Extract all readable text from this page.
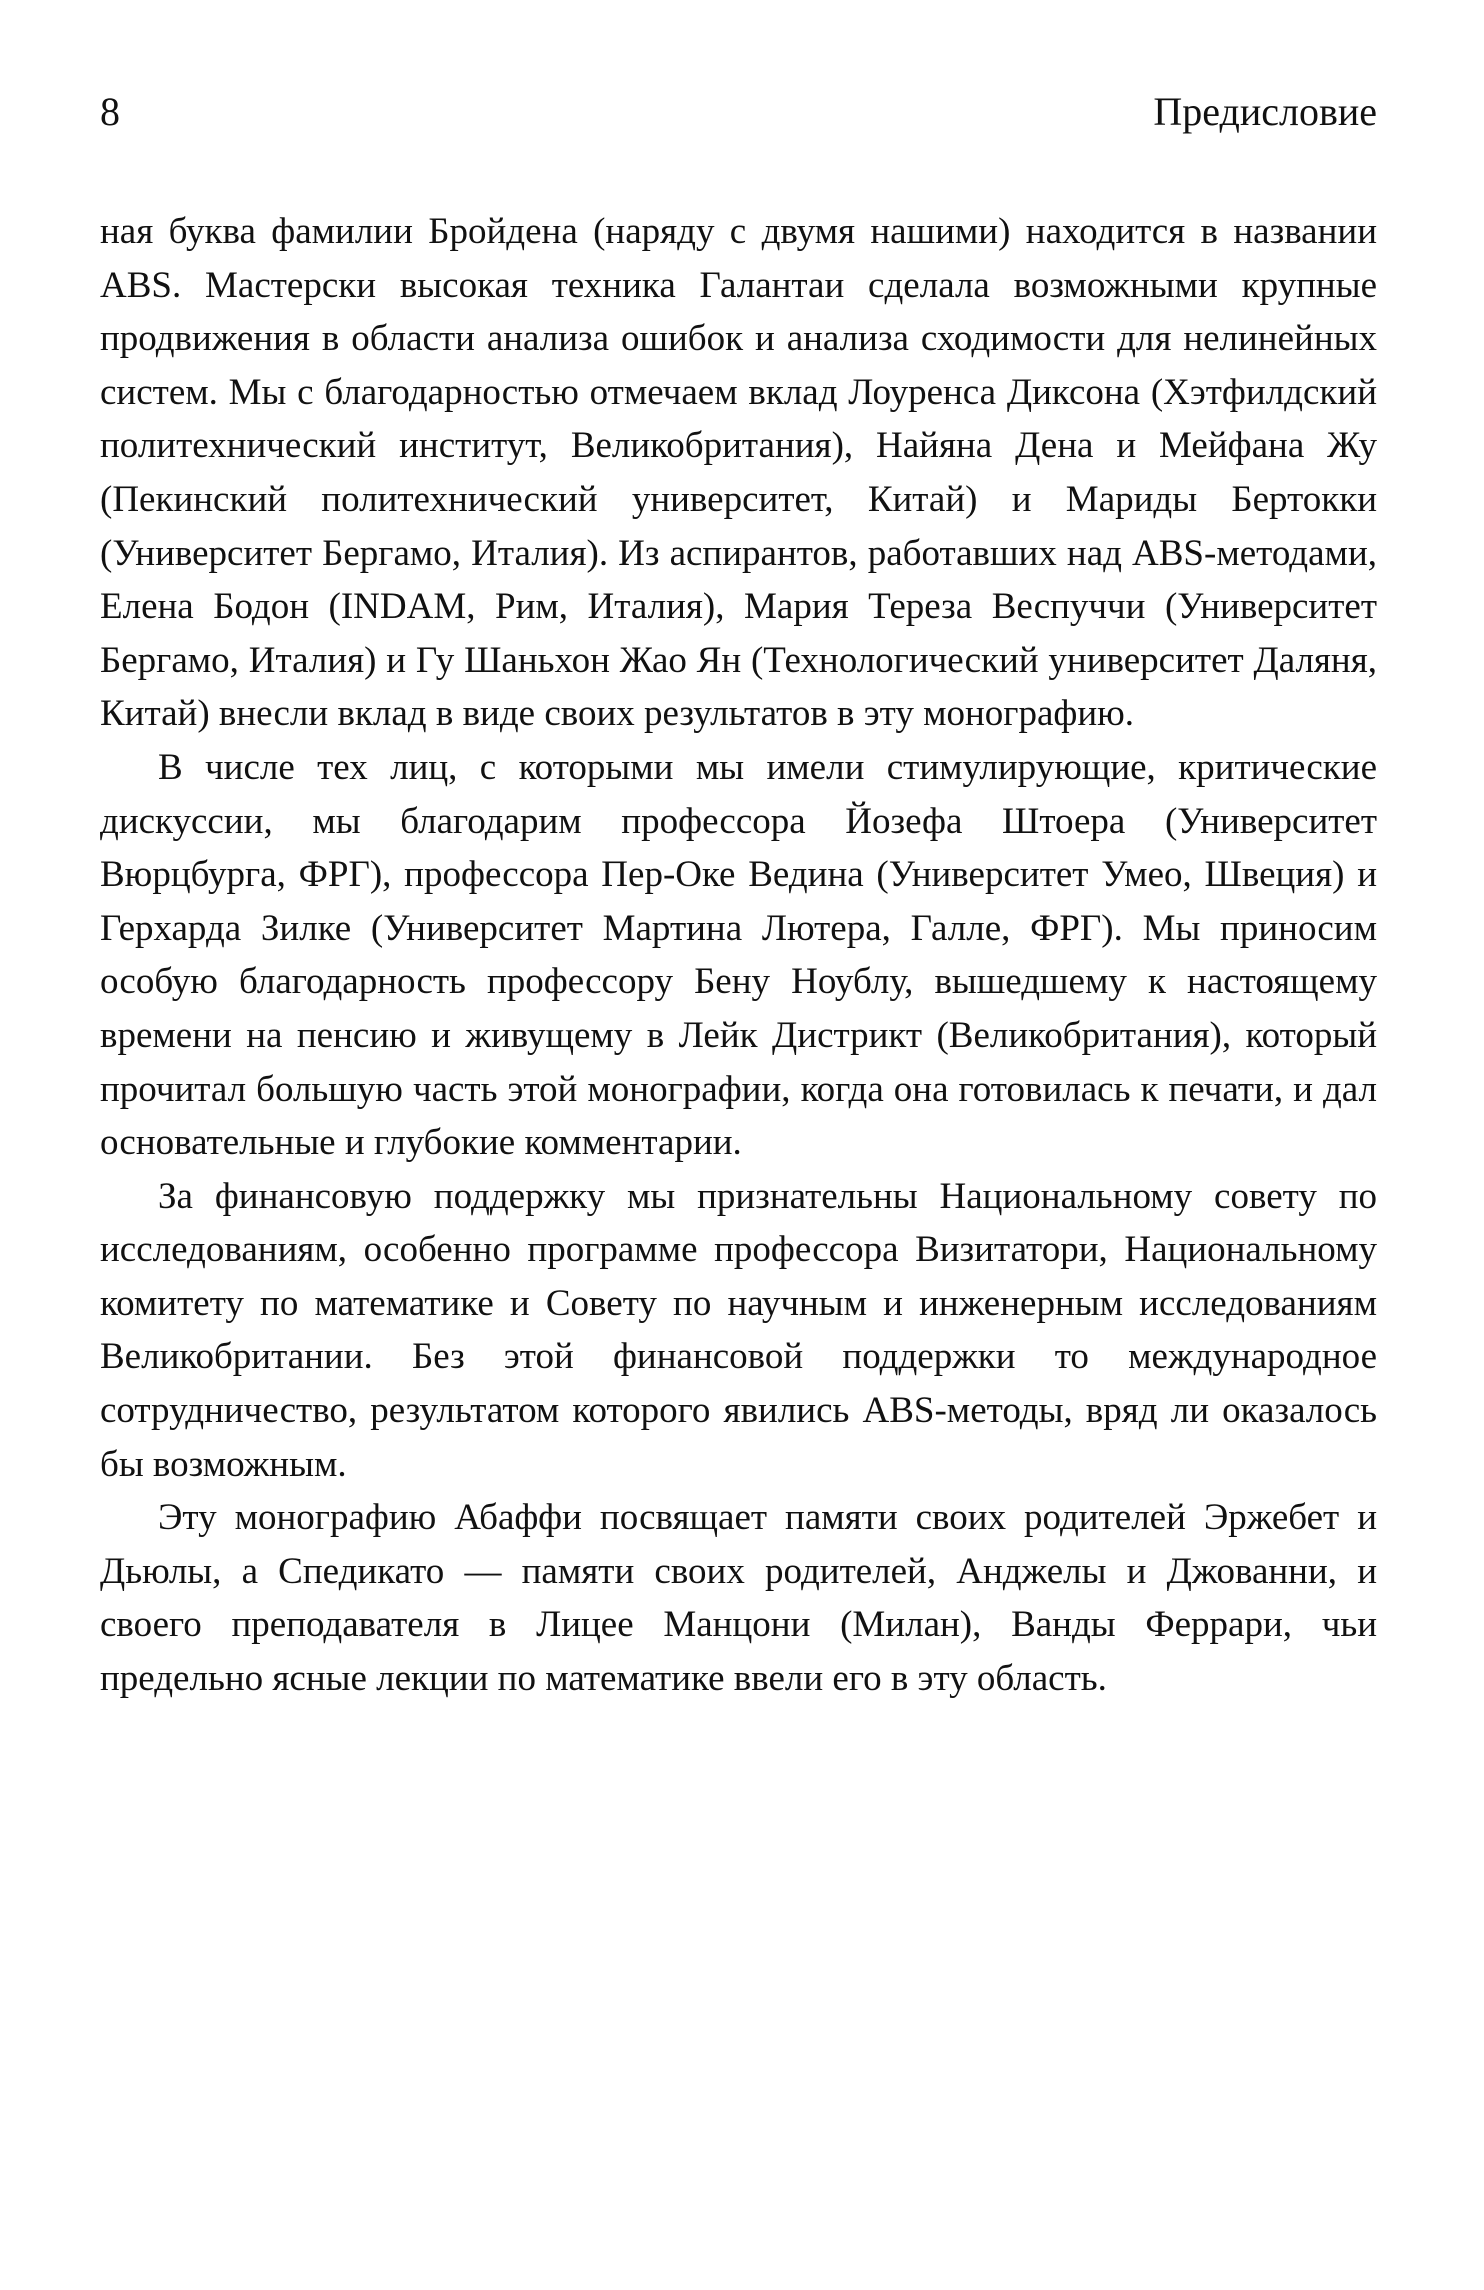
8	Предисловие

ная буква фамилии Бройдена (наряду с двумя нашими) находится в названии ABS. Мастерски высокая техника Галантаи сделала возможными крупные продвижения в области анализа ошибок и анализа сходимости для нелинейных систем. Мы с благодарностью отмечаем вклад Лоуренса Диксона (Хэтфилдский политехнический институт, Великобритания), Найяна Дена и Мейфана Жу (Пекинский политехнический университет, Китай) и Мариды Бертокки (Университет Бергамо, Италия). Из аспирантов, работавших над ABS-методами, Елена Бодон (INDAM, Рим, Италия), Мария Тереза Веспуччи (Университет Бергамо, Италия) и Гу Шаньхон Жао Ян (Технологический университет Даляня, Китай) внесли вклад в виде своих результатов в эту монографию.

В числе тех лиц, с которыми мы имели стимулирующие, критические дискуссии, мы благодарим профессора Йозефа Штоера (Университет Вюрцбурга, ФРГ), профессора Пер-Оке Ведина (Университет Умео, Швеция) и Герхарда Зилке (Университет Мартина Лютера, Галле, ФРГ). Мы приносим особую благодарность профессору Бену Ноублу, вышедшему к настоящему времени на пенсию и живущему в Лейк Дистрикт (Великобритания), который прочитал большую часть этой монографии, когда она готовилась к печати, и дал основательные и глубокие комментарии.

За финансовую поддержку мы признательны Национальному совету по исследованиям, особенно программе профессора Визитатори, Национальному комитету по математике и Совету по научным и инженерным исследованиям Великобритании. Без этой финансовой поддержки то международное сотрудничество, результатом которого явились ABS-методы, вряд ли оказалось бы возможным.

Эту монографию Абаффи посвящает памяти своих родителей Эржебет и Дьюлы, а Спедикато — памяти своих родителей, Анджелы и Джованни, и своего преподавателя в Лицее Манцони (Милан), Ванды Феррари, чьи предельно ясные лекции по математике ввели его в эту область.
